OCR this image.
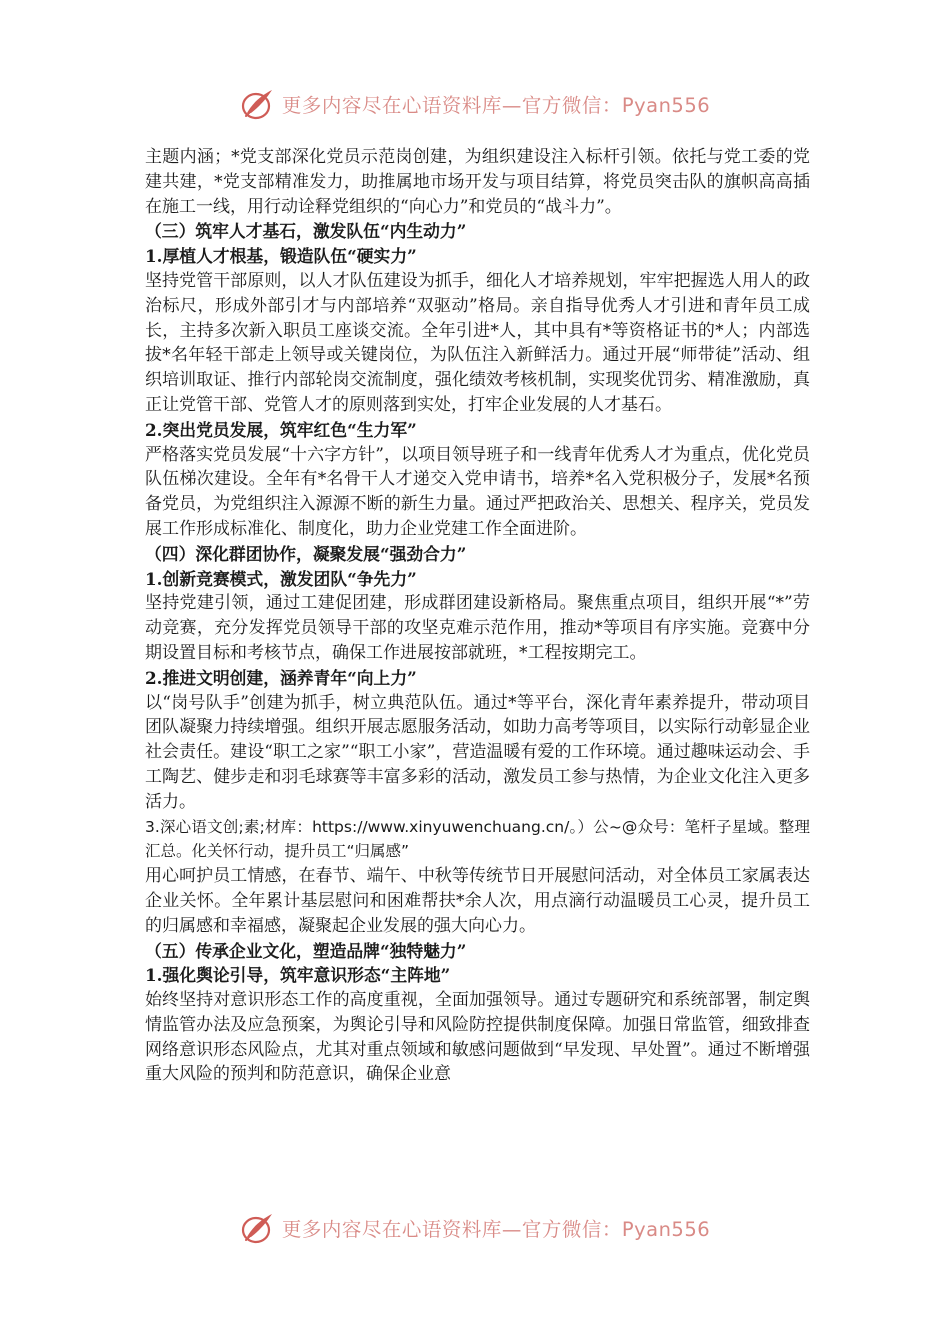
更多内容尽在心语资料库—官方微信：Pyan556

主题内涵；*党支部深化党员示范岗创建，为组织建设注入标杆引领。依托与党工委的党建共建，*党支部精准发力，助推属地市场开发与项目结算，将党员突击队的旗帜高高插在施工一线，用行动诠释党组织的“向心力”和党员的“战斗力”。

（三）筑牢人才基石，激发队伍“内生动力”

1.厚植人才根基，锻造队伍“硬实力”

坚持党管干部原则，以人才队伍建设为抓手，细化人才培养规划，牢牢把握选人用人的政治标尺，形成外部引才与内部培养“双驱动”格局。亲自指导优秀人才引进和青年员工成长，主持多次新入职员工座谈交流。全年引进*人，其中具有*等资格证书的*人；内部选拔*名年轻干部走上领导或关键岗位，为队伍注入新鲜活力。通过开展“师带徒”活动、组织培训取证、推行内部轮岗交流制度，强化绩效考核机制，实现奖优罚劣、精准激励，真正让党管干部、党管人才的原则落到实处，打牢企业发展的人才基石。

2.突出党员发展，筑牢红色“生力军”

严格落实党员发展“十六字方针”，以项目领导班子和一线青年优秀人才为重点，优化党员队伍梯次建设。全年有*名骨干人才递交入党申请书，培养*名入党积极分子，发展*名预备党员，为党组织注入源源不断的新生力量。通过严把政治关、思想关、程序关，党员发展工作形成标准化、制度化，助力企业党建工作全面进阶。

（四）深化群团协作，凝聚发展“强劲合力”

1.创新竞赛模式，激发团队“争先力”

坚持党建引领，通过工建促团建，形成群团建设新格局。聚焦重点项目，组织开展“*”劳动竞赛，充分发挥党员领导干部的攻坚克难示范作用，推动*等项目有序实施。竞赛中分期设置目标和考核节点，确保工作进展按部就班，*工程按期完工。

2.推进文明创建，涵养青年“向上力”

以“岗号队手”创建为抓手，树立典范队伍。通过*等平台，深化青年素养提升，带动项目团队凝聚力持续增强。组织开展志愿服务活动，如助力高考等项目，以实际行动彰显企业社会责任。建设“职工之家”“职工小家”，营造温暖有爱的工作环境。通过趣味运动会、手工陶艺、健步走和羽毛球赛等丰富多彩的活动，激发员工参与热情，为企业文化注入更多活力。

3.深心语文创;素;材库：https://www.xinyuwenchuang.cn/。）公~@众号：笔杆子星域。整理汇总。化关怀行动，提升员工“归属感”

用心呵护员工情感，在春节、端午、中秋等传统节日开展慰问活动，对全体员工家属表达企业关怀。全年累计基层慰问和困难帮扶*余人次，用点滴行动温暖员工心灵，提升员工的归属感和幸福感，凝聚起企业发展的强大向心力。

（五）传承企业文化，塑造品牌“独特魅力”

1.强化舆论引导，筑牢意识形态“主阵地”

始终坚持对意识形态工作的高度重视，全面加强领导。通过专题研究和系统部署，制定舆情监管办法及应急预案，为舆论引导和风险防控提供制度保障。加强日常监管，细致排查网络意识形态风险点，尤其对重点领域和敏感问题做到“早发现、早处置”。通过不断增强重大风险的预判和防范意识，确保企业意

更多内容尽在心语资料库—官方微信：Pyan556
